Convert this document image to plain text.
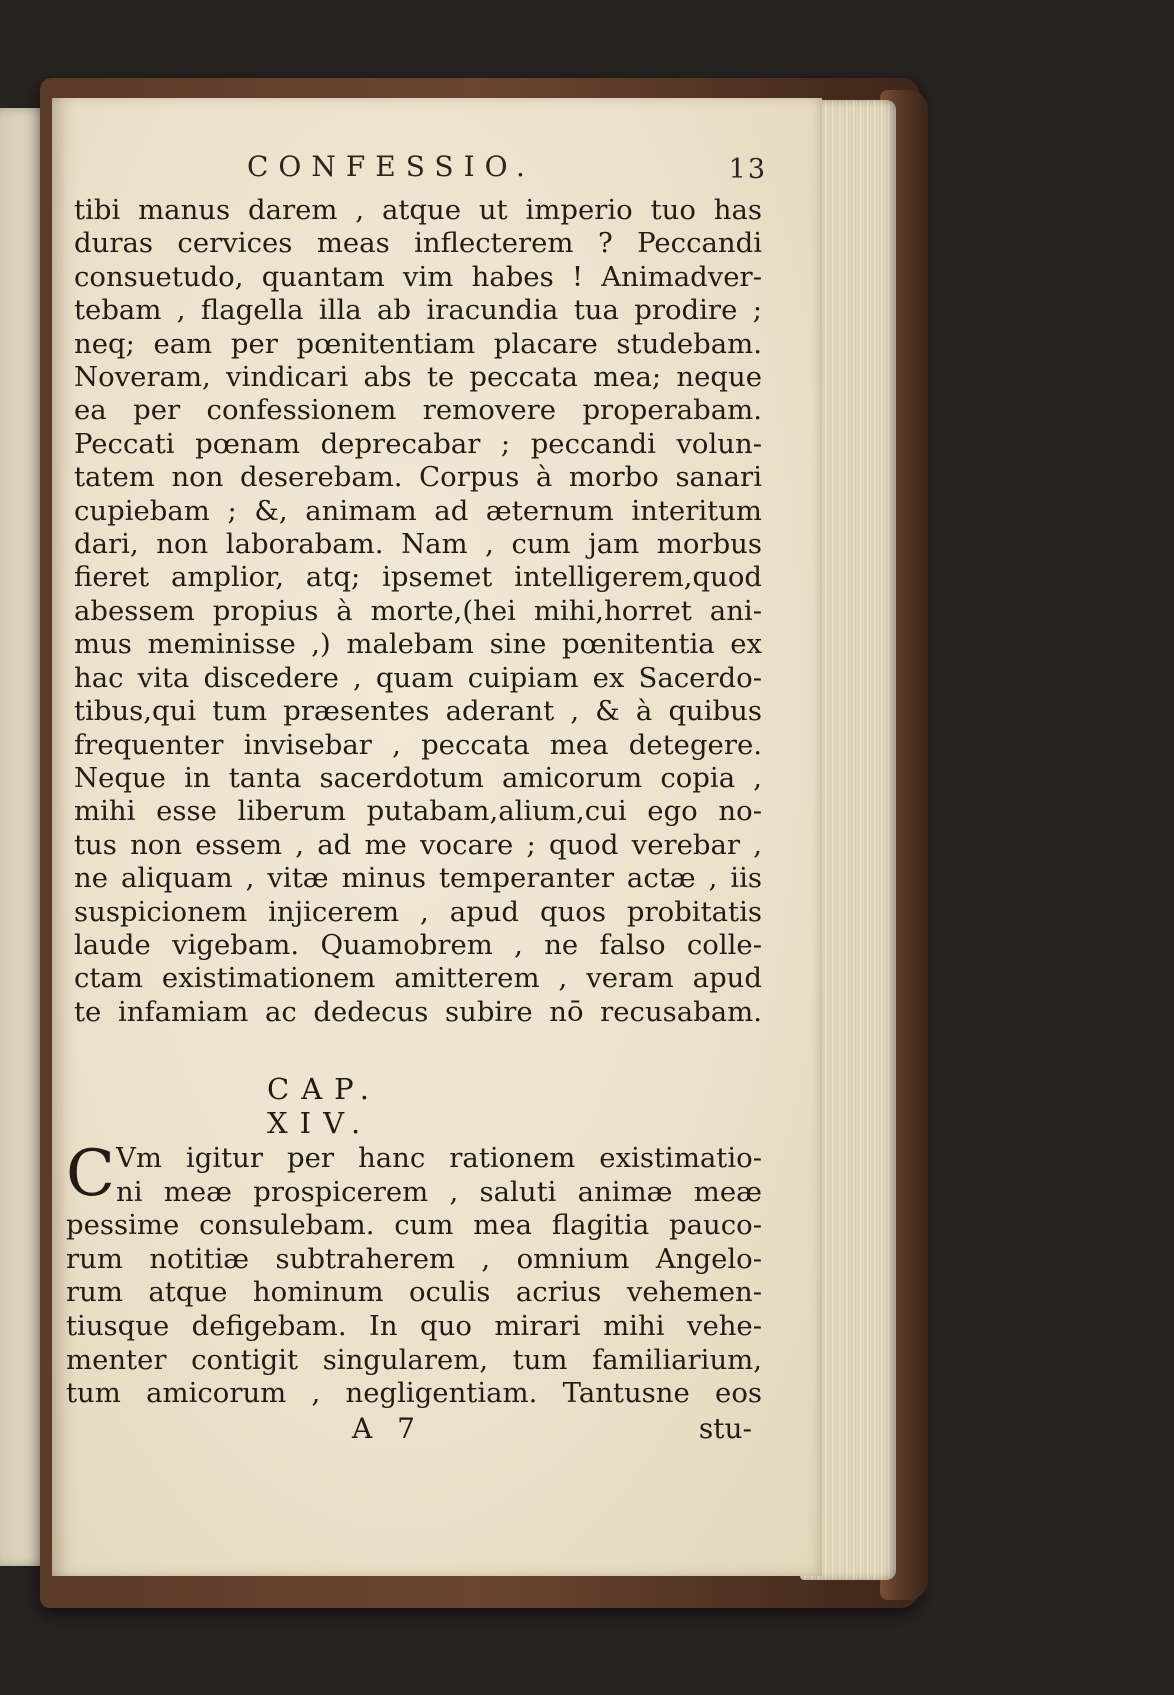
CONFESSIO.	13
tibi manus darem , atque ut imperio tuo has
duras cervices meas inflecterem ? Peccandi
consuetudo, quantam vim habes ! Animadver-
tebam , flagella illa ab iracundia tua prodire ;
neq; eam per pœnitentiam placare studebam.
Noveram, vindicari abs te peccata mea; neque
ea per confessionem removere properabam.
Peccati pœnam deprecabar ; peccandi volun-
tatem non deserebam. Corpus à morbo sanari
cupiebam ; &, animam ad æternum interitum
dari, non laborabam. Nam , cum jam morbus
fieret amplior, atq; ipsemet intelligerem,quod
abessem propius à morte,(hei mihi,horret ani-
mus meminisse ,) malebam sine pœnitentia ex
hac vita discedere , quam cuipiam ex Sacerdo-
tibus,qui tum præsentes aderant , & à quibus
frequenter invisebar , peccata mea detegere.
Neque in tanta sacerdotum amicorum copia ,
mihi esse liberum putabam,alium,cui ego no-
tus non essem , ad me vocare ; quod verebar ,
ne aliquam , vitæ minus temperanter actæ , iis
suspicionem injicerem , apud quos probitatis
laude vigebam. Quamobrem , ne falso colle-
ctam existimationem amitterem , veram apud
te infamiam ac dedecus subire nō recusabam.
CAP. XIV.
C Vm igitur per hanc rationem existimatio-
ni meæ prospicerem , saluti animæ meæ
pessime consulebam. cum mea flagitia pauco-
rum notitiæ subtraherem , omnium Angelo-
rum atque hominum oculis acrius vehemen-
tiusque defigebam. In quo mirari mihi vehe-
menter contigit singularem, tum familiarium,
tum amicorum , negligentiam. Tantusne eos
A 7	stu-
